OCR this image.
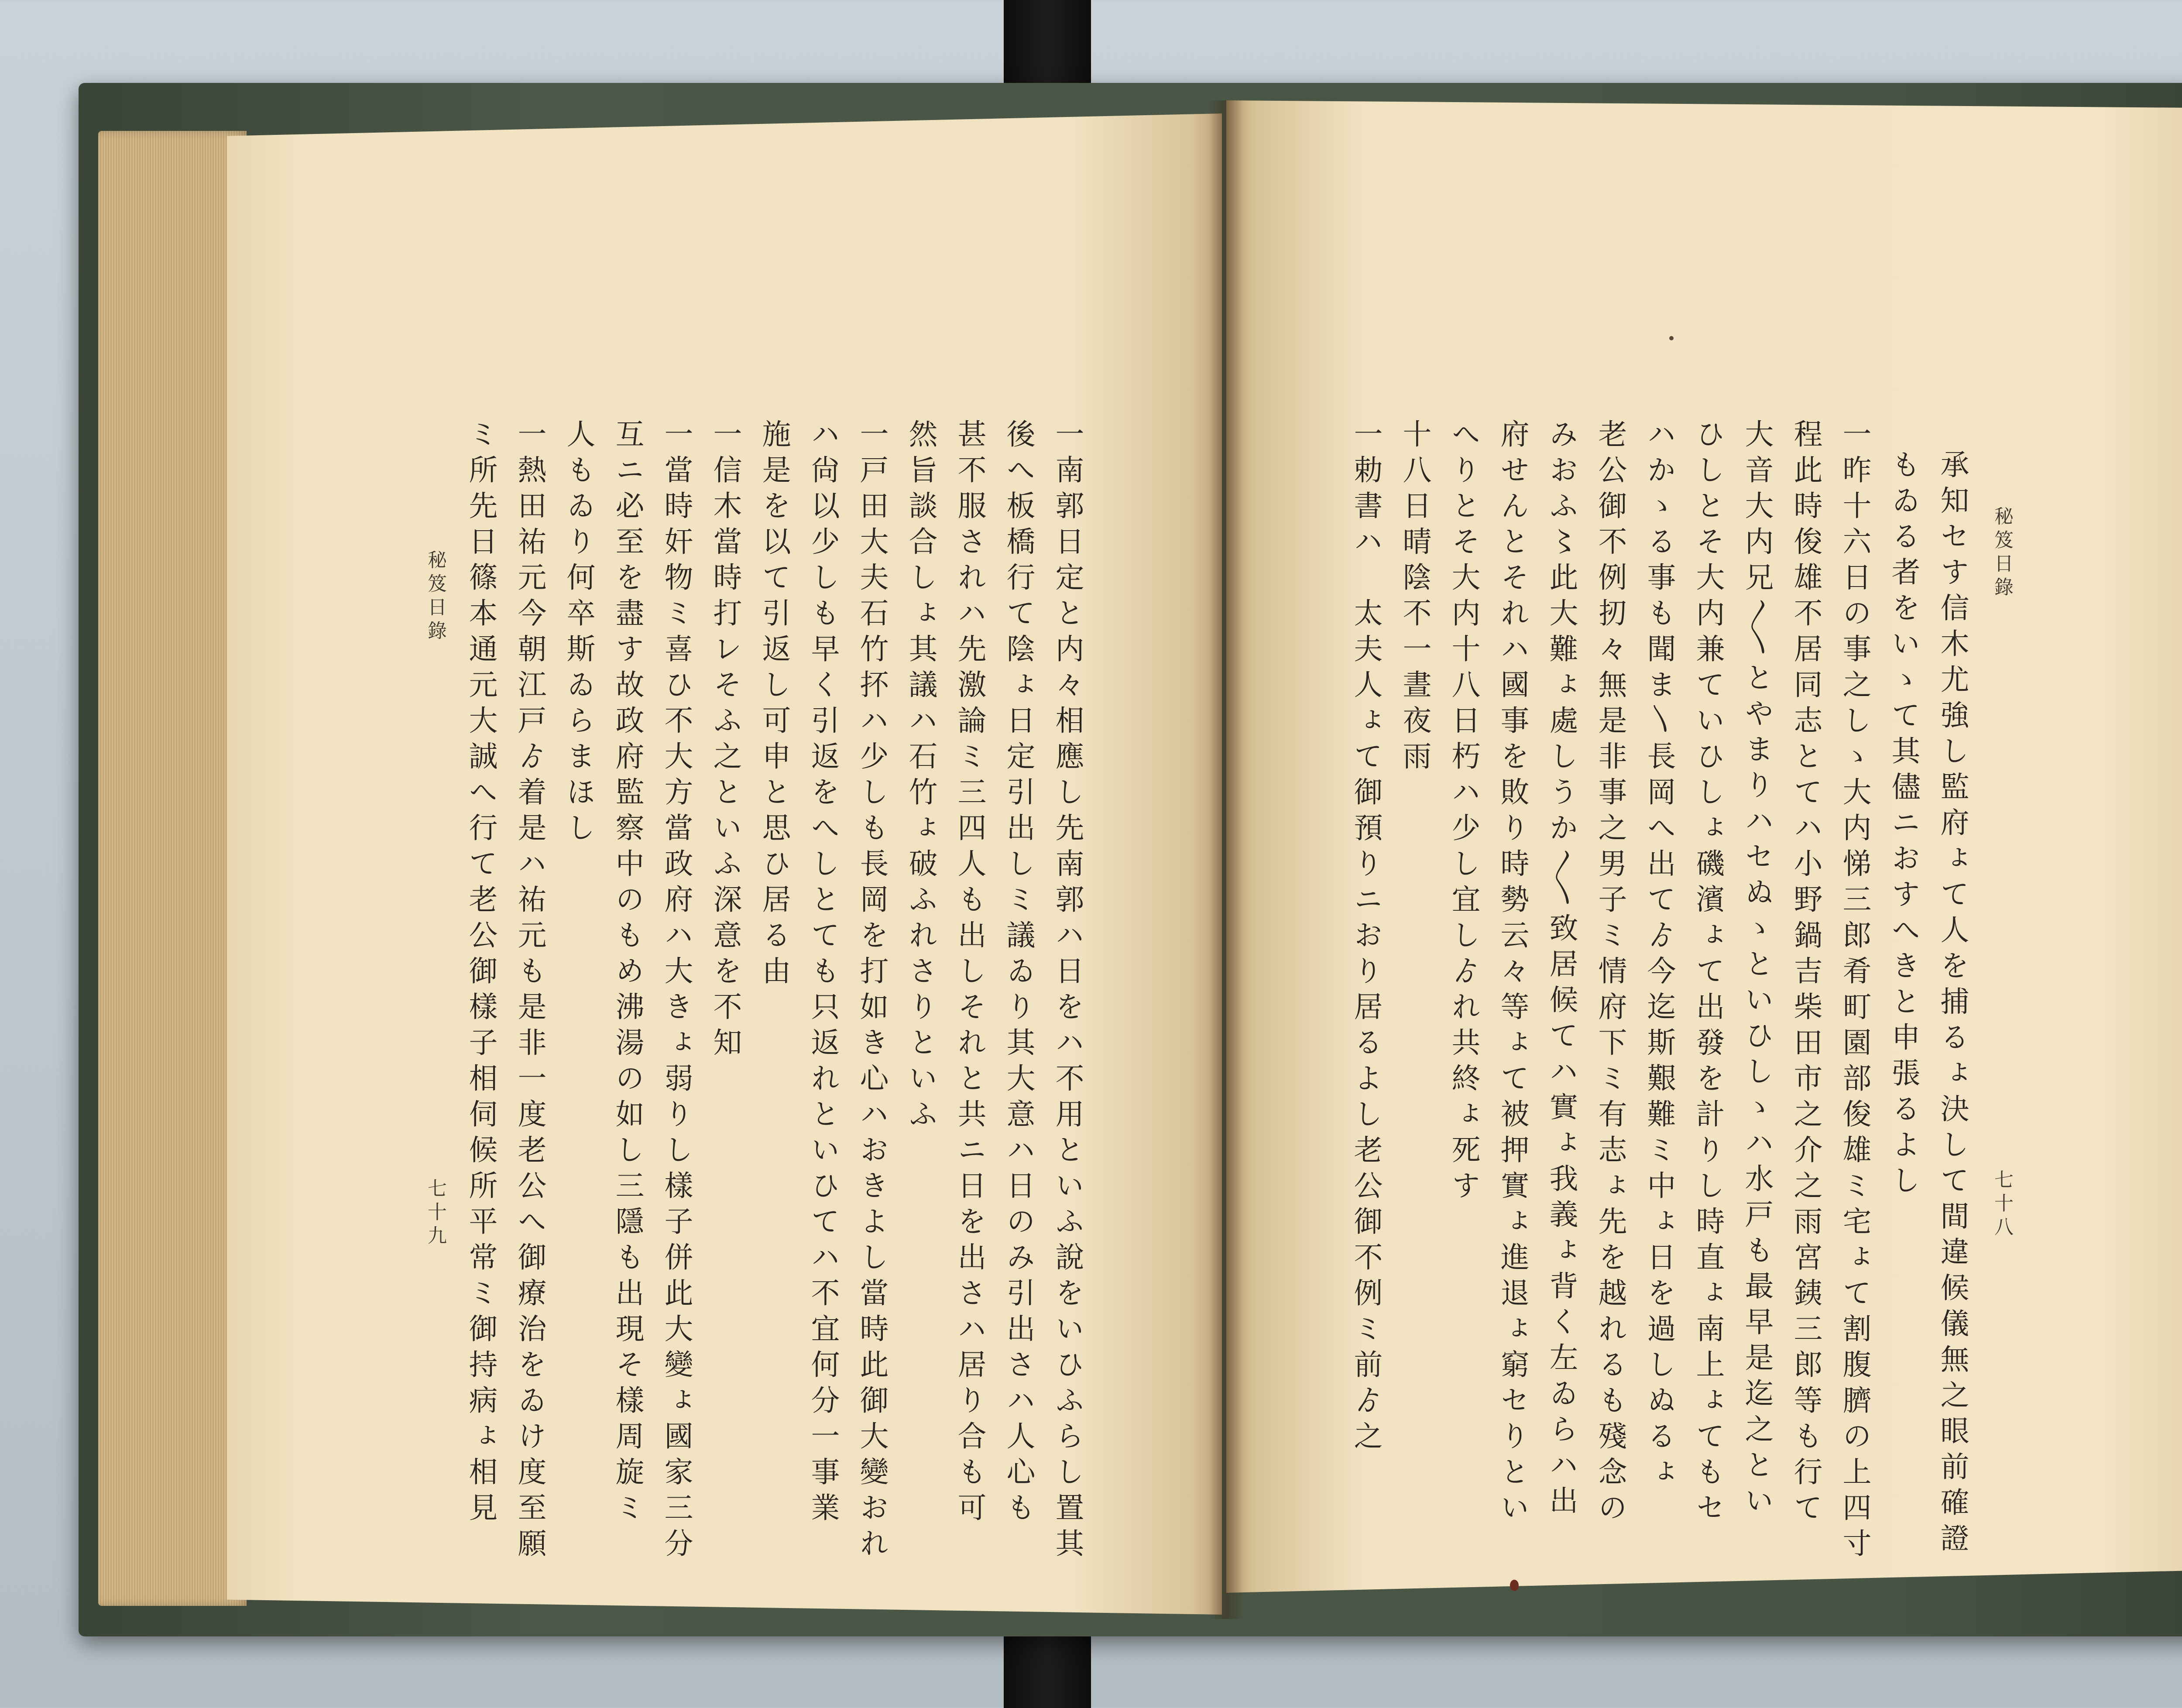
一南郭日定と内々相應し先南郭ハ日をハ不用といふ說をいひふらし置其
後へ板橋行て陰ょ日定引出しミ議ゐり其大意ハ日のみ引出さハ人心も
甚不服されハ先激論ミ三四人も出しそれと共ニ日を出さハ居り合も可
然旨談合しょ其議ハ石竹ょ破ふれさりといふ
一戸田大夫石竹抔ハ少しも長岡を打如き心ハおきよし當時此御大變おれ
ハ尙以少しも早く引返をへしとても只返れといひてハ不宜何分一事業
施是を以て引返し可申と思ひ居る由
一信木當時打レそふ之といふ深意を不知
一當時奸物ミ喜ひ不大方當政府ハ大きょ弱りし樣子併此大變ょ國家三分
互ニ必至を盡す故政府監察中のもめ沸湯の如し三隱も出現そ樣周旋ミ
人もゐり何卒斯ゐらまほし
一熱田祐元今朝江戸ゟ着是ハ祐元も是非一度老公へ御療治をゐけ度至願
ミ所先日篠本通元大誠へ行て老公御樣子相伺候所平常ミ御持病ょ相見
秘笈日錄
七十九
秘笈日錄
七十八
承知セす信木尤強し監府ょて人を捕るょ決して間違候儀無之眼前確證
もゐる者をいゝて其儘ニおすへきと申張るよし
一昨十六日の事之しゝ大内悌三郎肴町園部俊雄ミ宅ょて割腹臍の上四寸
程此時俊雄不居同志とてハ小野鍋吉柴田市之介之雨宮銕三郎等も行て
大音大内兄〳〵とやまりハセぬゝといひしゝハ水戸も最早是迄之とい
ひしとそ大内兼ていひしょ磯濱ょて出發を計りし時直ょ南上ょてもセ
ハかゝる事も聞ま〵長岡へ出てゟ今迄斯艱難ミ中ょ日を過しぬるょ
老公御不例扨々無是非事之男子ミ情府下ミ有志ょ先を越れるも殘念の
みおふ〻此大難ょ處しうか〳〵致居候てハ實ょ我義ょ背く左ゐらハ出
府せんとそれハ國事を敗り時勢云々等ょて被押實ょ進退ょ窮セりとい
へりとそ大内十八日朽ハ少し宜しゟれ共終ょ死す
十八日晴陰不一晝夜雨
一勅書ハ　太夫人ょて御預りニおり居るよし老公御不例ミ前ゟ之
